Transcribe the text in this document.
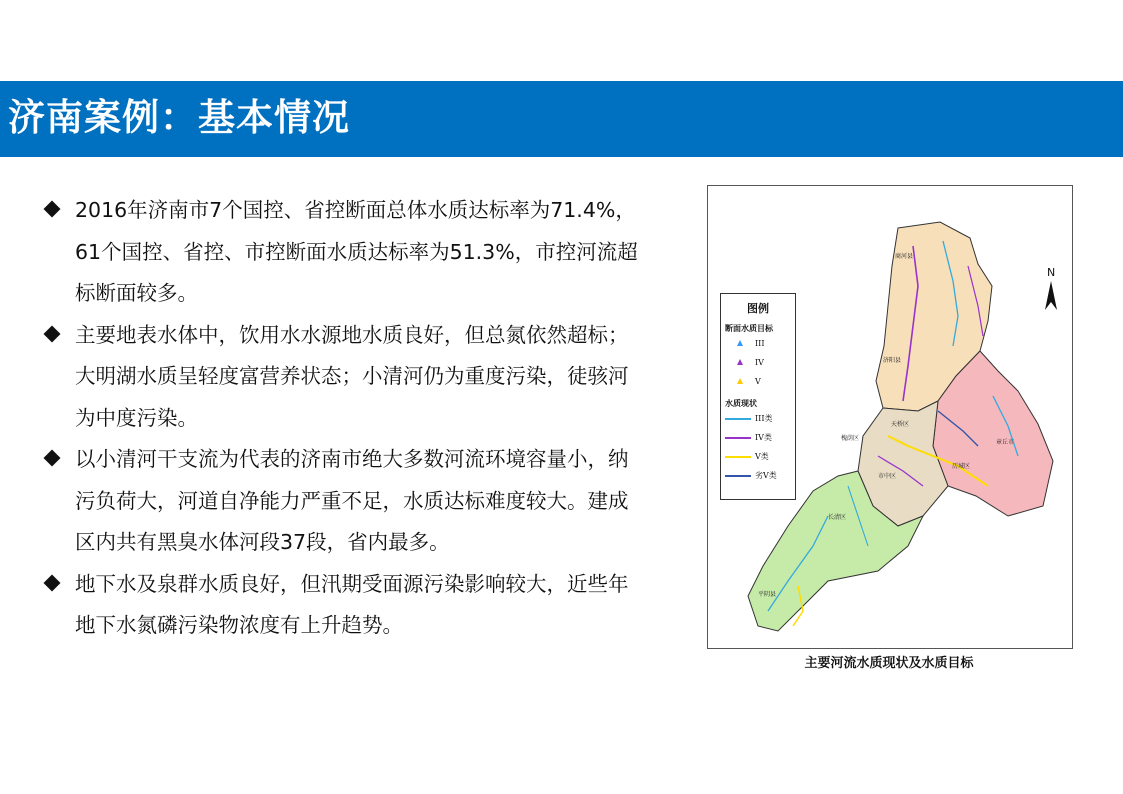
济南案例：基本情况
2016年济南市7个国控、省控断面总体水质达标率为71.4%，61个国控、省控、市控断面水质达标率为51.3%，市控河流超标断面较多。
主要地表水体中，饮用水水源地水质良好，但总氮依然超标；大明湖水质呈轻度富营养状态；小清河仍为重度污染，徒骇河为中度污染。
以小清河干支流为代表的济南市绝大多数河流环境容量小，纳污负荷大，河道自净能力严重不足，水质达标难度较大。建成区内共有黑臭水体河段37段，省内最多。
地下水及泉群水质良好，但汛期受面源污染影响较大，近些年地下水氮磷污染物浓度有上升趋势。
商河县
济阳县
天桥区
槐荫区
历城区
章丘市
市中区
长清区
平阴县
N
图例
断面水质目标
III
IV
V
水质现状
III类
IV类
V类
劣V类
主要河流水质现状及水质目标
